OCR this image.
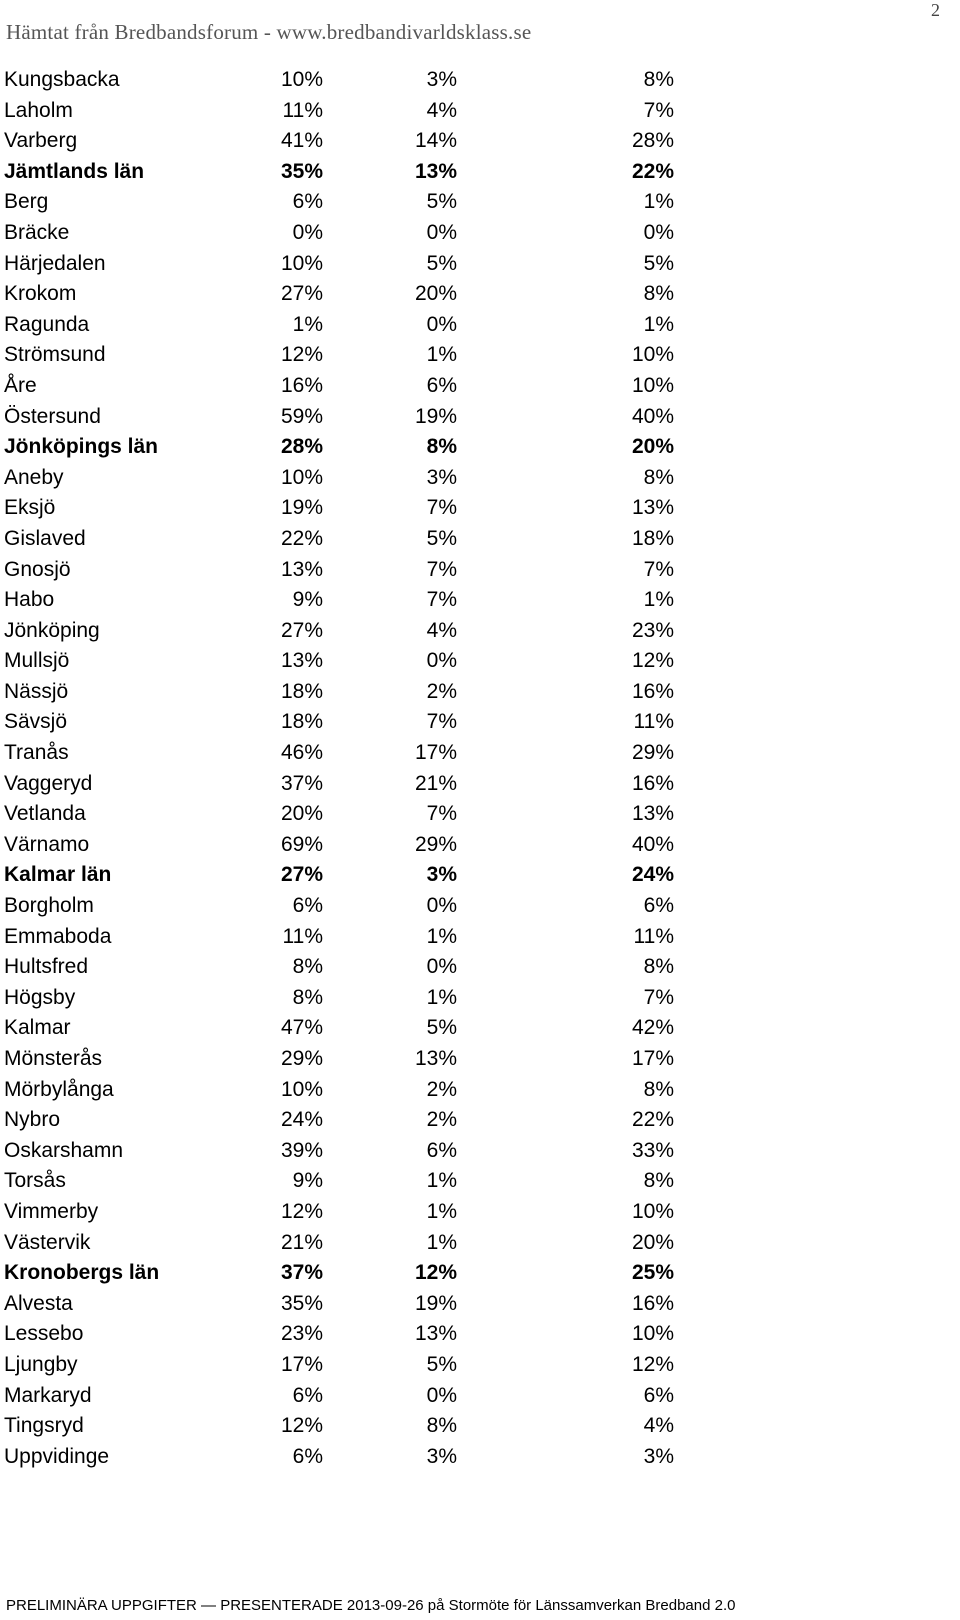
Hämtat från Bredbandsforum - www.bredbandivarldsklass.se
2
Kungsbacka	10%	3%	8%
Laholm	11%	4%	7%
Varberg	41%	14%	28%
Jämtlands län	35%	13%	22%
Berg	6%	5%	1%
Bräcke	0%	0%	0%
Härjedalen	10%	5%	5%
Krokom	27%	20%	8%
Ragunda	1%	0%	1%
Strömsund	12%	1%	10%
Åre	16%	6%	10%
Östersund	59%	19%	40%
Jönköpings län	28%	8%	20%
Aneby	10%	3%	8%
Eksjö	19%	7%	13%
Gislaved	22%	5%	18%
Gnosjö	13%	7%	7%
Habo	9%	7%	1%
Jönköping	27%	4%	23%
Mullsjö	13%	0%	12%
Nässjö	18%	2%	16%
Sävsjö	18%	7%	11%
Tranås	46%	17%	29%
Vaggeryd	37%	21%	16%
Vetlanda	20%	7%	13%
Värnamo	69%	29%	40%
Kalmar län	27%	3%	24%
Borgholm	6%	0%	6%
Emmaboda	11%	1%	11%
Hultsfred	8%	0%	8%
Högsby	8%	1%	7%
Kalmar	47%	5%	42%
Mönsterås	29%	13%	17%
Mörbylånga	10%	2%	8%
Nybro	24%	2%	22%
Oskarshamn	39%	6%	33%
Torsås	9%	1%	8%
Vimmerby	12%	1%	10%
Västervik	21%	1%	20%
Kronobergs län	37%	12%	25%
Alvesta	35%	19%	16%
Lessebo	23%	13%	10%
Ljungby	17%	5%	12%
Markaryd	6%	0%	6%
Tingsryd	12%	8%	4%
Uppvidinge	6%	3%	3%
PRELIMINÄRA UPPGIFTER — PRESENTERADE 2013-09-26 på Stormöte för Länssamverkan Bredband 2.0
